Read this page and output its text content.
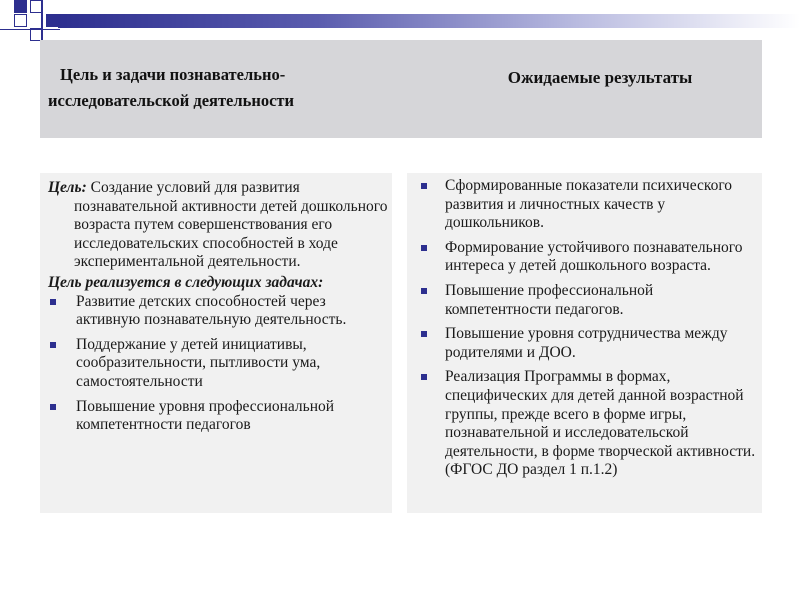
Цель и задачи познавательно-
исследовательской деятельности
Ожидаемые результаты

Цель: Создание условий для развития познавательной активности детей дошкольного возраста путем совершенствования его исследовательских способностей в ходе экспериментальной деятельности.

Цель реализуется в следующих задачах:

Развитие детских способностей через активную познавательную деятельность.
Поддержание у детей инициативы, сообразительности, пытливости ума, самостоятельности
Повышение уровня профессиональной компетентности педагогов
Сформированные показатели психического развития и личностных качеств у дошкольников.
Формирование устойчивого познавательного интереса у детей дошкольного возраста.
Повышение профессиональной компетентности педагогов.
Повышение уровня сотрудничества между родителями и ДОО.
Реализация Программы в формах, специфических для детей данной возрастной группы, прежде всего в форме игры, познавательной и исследовательской деятельности, в форме творческой активности. (ФГОС ДО раздел 1 п.1.2)
